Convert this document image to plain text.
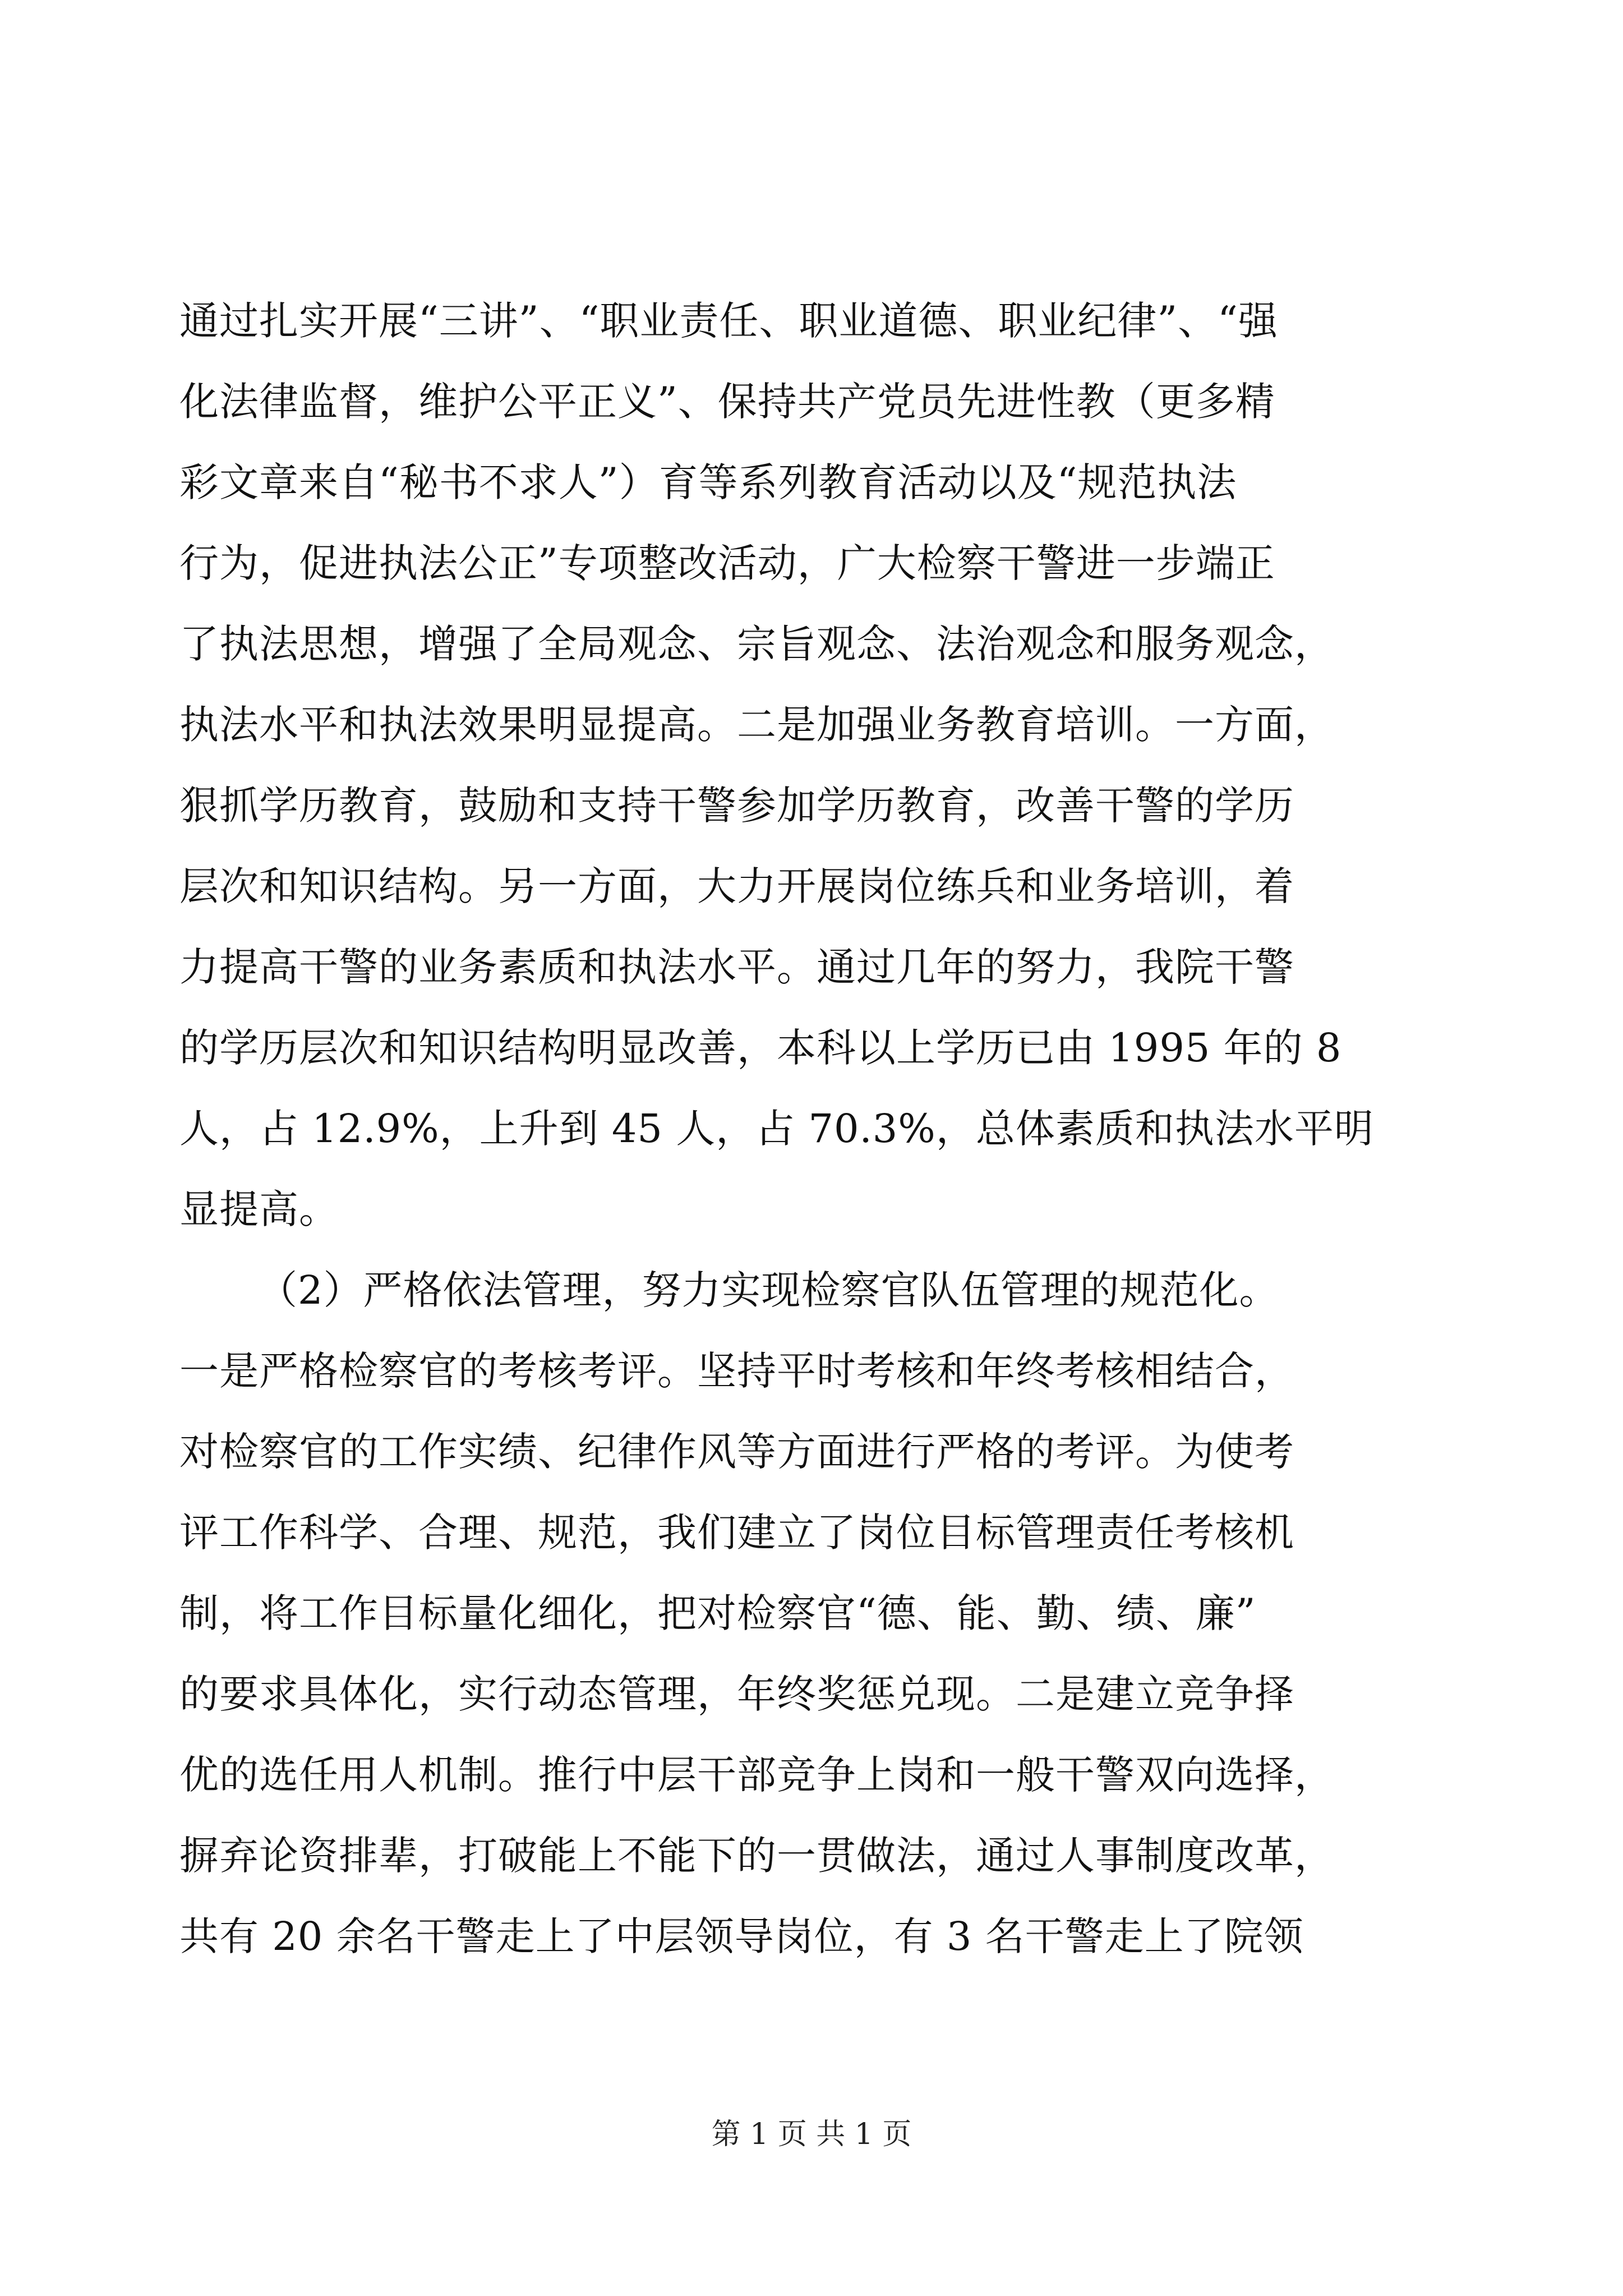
通过扎实开展“三讲”、“职业责任、职业道德、职业纪律”、“强
化法律监督，维护公平正义”、保持共产党员先进性教（更多精
彩文章来自“秘书不求人”）育等系列教育活动以及“规范执法
行为，促进执法公正”专项整改活动，广大检察干警进一步端正
了执法思想，增强了全局观念、宗旨观念、法治观念和服务观念，
执法水平和执法效果明显提高。二是加强业务教育培训。一方面，
狠抓学历教育，鼓励和支持干警参加学历教育，改善干警的学历
层次和知识结构。另一方面，大力开展岗位练兵和业务培训，着
力提高干警的业务素质和执法水平。通过几年的努力，我院干警
的学历层次和知识结构明显改善，本科以上学历已由 1995 年的 8
人，占 12.9%，上升到 45 人，占 70.3%，总体素质和执法水平明
显提高。
（2）严格依法管理，努力实现检察官队伍管理的规范化。
一是严格检察官的考核考评。坚持平时考核和年终考核相结合，
对检察官的工作实绩、纪律作风等方面进行严格的考评。为使考
评工作科学、合理、规范，我们建立了岗位目标管理责任考核机
制，将工作目标量化细化，把对检察官“德、能、勤、绩、廉”
的要求具体化，实行动态管理，年终奖惩兑现。二是建立竞争择
优的选任用人机制。推行中层干部竞争上岗和一般干警双向选择，
摒弃论资排辈，打破能上不能下的一贯做法，通过人事制度改革，
共有 20 余名干警走上了中层领导岗位，有 3 名干警走上了院领
第 1 页 共 1 页
